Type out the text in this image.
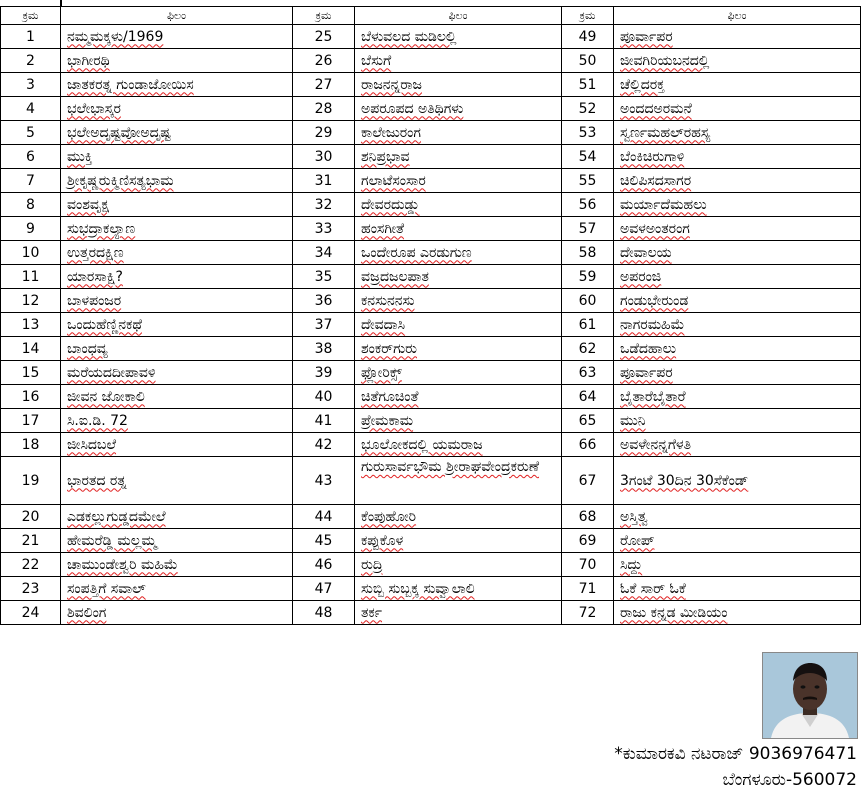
ಕ್ರಮ	ಫಿಲಂ	ಕ್ರಮ	ಫಿಲಂ	ಕ್ರಮ	ಫಿಲಂ
1	ನಮ್ಮಮಕ್ಕಳು/1969	25	ಬೆಳುವಲದ ಮಡಿಲಲ್ಲಿ	49	ಪೂರ್ವಾಪರ
2	ಭಾಗೀರಥಿ	26	ಬೆಸುಗೆ	50	ಜೀವಗಿರಿಯಬನದಲ್ಲಿ
3	ಜಾತಕರತ್ನ ಗುಂಡಾಜೋಯಿಸ	27	ರಾಜನನ್ನರಾಜ	51	ಚೆಲ್ಲಿದರಕ್ತ
4	ಭಲೇಭಾಸ್ಕರ	28	ಅಪರೂಪದ ಅತಿಥಿಗಳು	52	ಅಂದದಅರಮನೆ
5	ಭಲೇಅದೃಷ್ಟವೋಅದೃಷ್ಟ	29	ಕಾಲೇಜುರಂಗ	53	ಸ್ವರ್ಣಮಹಲ್‌ರಹಸ್ಯ
6	ಮುಕ್ತಿ	30	ಶನಿಪ್ರಭಾವ	54	ಬೆಂಕಿಚಿರುಗಾಳಿ
7	ಶ್ರೀಕೃಷ್ಣರುಕ್ಮಿಣಿಸತ್ಯಭಾಮ	31	ಗಲಾಟೆಸಂಸಾರ	55	ಚಿಲಿಪಿಸದಸಾಗರ
8	ವಂಶವೃಕ್ಷ	32	ದೇವರದುಡ್ಡು	56	ಮರ್ಯಾದೆಮಹಲು
9	ಸುಭದ್ರಾಕಲ್ಯಾಣ	33	ಹಂಸಗೀತೆ	57	ಅವಳಅಂತರಂಗ
10	ಉತ್ತರದಕ್ಷಿಣ	34	ಒಂದೇರೂಪ ಎರಡುಗುಣ	58	ದೇವಾಲಯ
11	ಯಾರಸಾಕ್ಷಿ?	35	ವಜ್ರದಜಲಪಾತ	59	ಅಪರಂಜಿ
12	ಬಾಳಪಂಜರ	36	ಕನಸುನನಸು	60	ಗಂಡುಭೇರುಂಡ
13	ಒಂದುಹೆಣ್ಣಿನಕಥೆ	37	ದೇವದಾಸಿ	61	ನಾಗರಮಹಿಮೆ
14	ಬಾಂಧವ್ಯ	38	ಶಂಕರ್‌ಗುರು	62	ಒಡೆದಹಾಲು
15	ಮರೆಯದದೀಪಾವಳಿ	39	ಫ್ಲೋರಿಕ್ಸ್	63	ಪೂರ್ವಾಪರ
16	ಜೀವನ ಜೋಕಾಲಿ	40	ಚಿತೆಗೂಚಿಂತೆ	64	ಬೈತಾರೆಬೈತಾರೆ
17	ಸಿ.ಐ.ಡಿ. 72	41	ಪ್ರೇಮಕಾಮ	65	ಮುನಿ
18	ಜೀಸಿದಬಲೆ	42	ಭೂಲೋಕದಲ್ಲಿ ಯಮರಾಜ	66	ಅವಳೇನನ್ನಗೆಳತಿ
19	ಭಾರತದ ರತ್ನ	43	ಗುರುಸಾರ್ವಭೌಮ ಶ್ರೀರಾಘವೇಂದ್ರಕರುಣೆ	67	3ಗಂಟೆ 30ದಿನ 30ಸೆಕೆಂಡ್
20	ಎಡಕಲ್ಲುಗುಡ್ಡದಮೇಲೆ	44	ಕೆಂಪುಹೋರಿ	68	ಅಸ್ತಿತ್ವ
21	ಹೇಮರೆಡ್ಡಿ ಮಲ್ಲಮ್ಮ	45	ಕಪ್ಪುಕೊಳ	69	ರೋಪ್
22	ಚಾಮುಂಡೇಶ್ವರಿ ಮಹಿಮೆ	46	ರುದ್ರಿ	70	ಸಿದ್ದು
23	ಸಂಪತ್ತಿಗೆ ಸವಾಲ್	47	ಸುಬ್ಬಿ ಸುಬ್ಬಕ್ಕ ಸುವ್ವಾಲಾಲಿ	71	ಓಕೆ ಸಾರ್ ಓಕೆ
24	ಶಿವಲಿಂಗ	48	ತರ್ಕ	72	ರಾಜು ಕನ್ನಡ ಮೀಡಿಯಂ
*ಕುಮಾರಕವಿ ನಟರಾಜ್ 9036976471
ಬೆಂಗಳೂರು-560072
